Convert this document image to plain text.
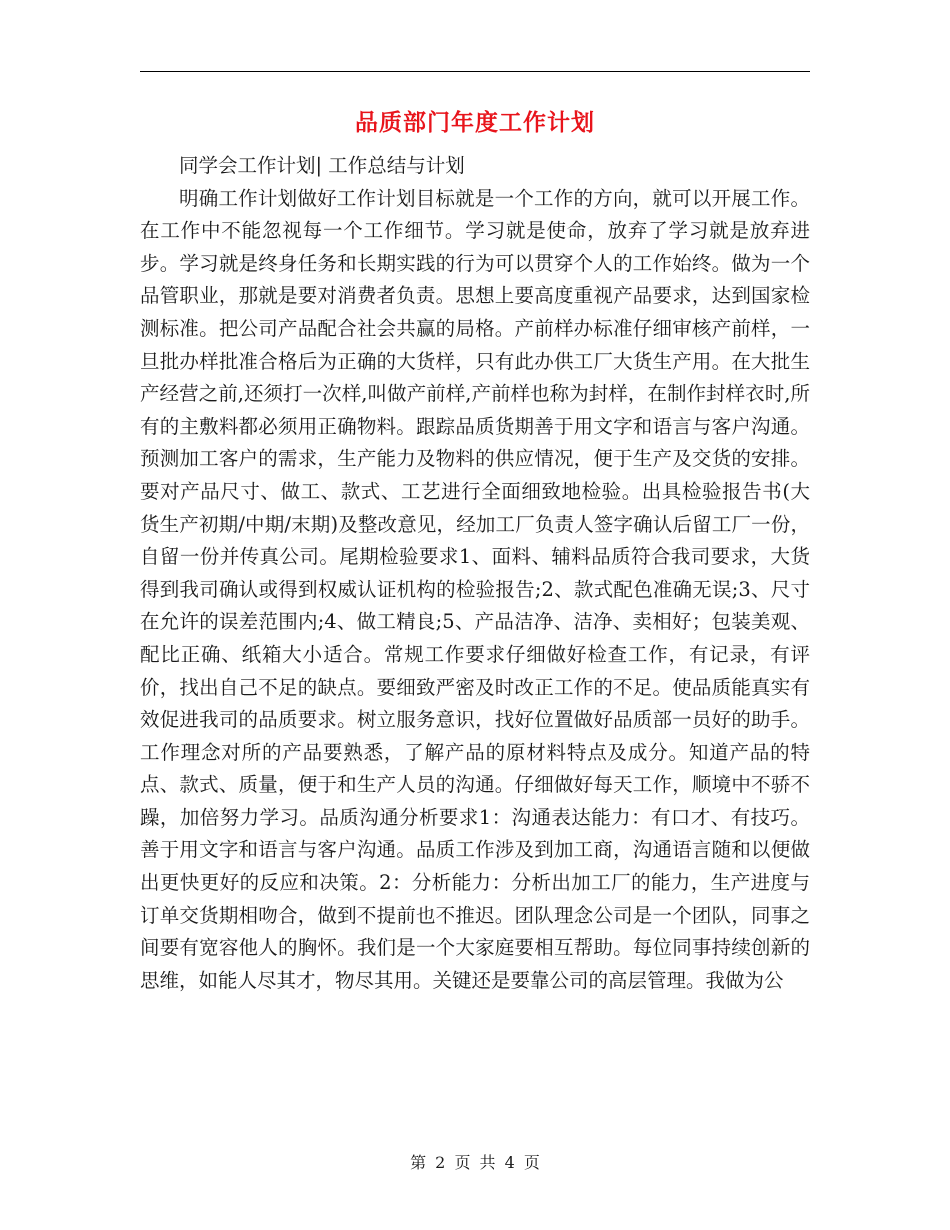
品质部门年度工作计划

同学会工作计划| 工作总结与计划

明确工作计划做好工作计划目标就是一个工作的方向，就可以开展工作。在工作中不能忽视每一个工作细节。学习就是使命，放弃了学习就是放弃进步。学习就是终身任务和长期实践的行为可以贯穿个人的工作始终。做为一个品管职业，那就是要对消费者负责。思想上要高度重视产品要求，达到国家检测标准。把公司产品配合社会共赢的局格。产前样办标准仔细审核产前样，一旦批办样批准合格后为正确的大货样，只有此办供工厂大货生产用。在大批生产经营之前,还须打一次样,叫做产前样,产前样也称为封样，在制作封样衣时,所有的主敷料都必须用正确物料。跟踪品质货期善于用文字和语言与客户沟通。预测加工客户的需求，生产能力及物料的供应情况，便于生产及交货的安排。要对产品尺寸、做工、款式、工艺进行全面细致地检验。出具检验报告书(大货生产初期/中期/末期)及整改意见，经加工厂负责人签字确认后留工厂一份，自留一份并传真公司。尾期检验要求1、面料、辅料品质符合我司要求，大货得到我司确认或得到权威认证机构的检验报告;2、款式配色准确无误;3、尺寸在允许的误差范围内;4、做工精良;5、产品洁净、洁净、卖相好；包装美观、配比正确、纸箱大小适合。常规工作要求仔细做好检查工作，有记录，有评价，找出自己不足的缺点。要细致严密及时改正工作的不足。使品质能真实有效促进我司的品质要求。树立服务意识，找好位置做好品质部一员好的助手。工作理念对所的产品要熟悉，了解产品的原材料特点及成分。知道产品的特点、款式、质量，便于和生产人员的沟通。仔细做好每天工作，顺境中不骄不躁，加倍努力学习。品质沟通分析要求1：沟通表达能力：有口才、有技巧。善于用文字和语言与客户沟通。品质工作涉及到加工商，沟通语言随和以便做出更快更好的反应和决策。2：分析能力：分析出加工厂的能力，生产进度与订单交货期相吻合，做到不提前也不推迟。团队理念公司是一个团队，同事之间要有宽容他人的胸怀。我们是一个大家庭要相互帮助。每位同事持续创新的思维，如能人尽其才，物尽其用。关键还是要靠公司的高层管理。我做为公

第 2 页 共 4 页
